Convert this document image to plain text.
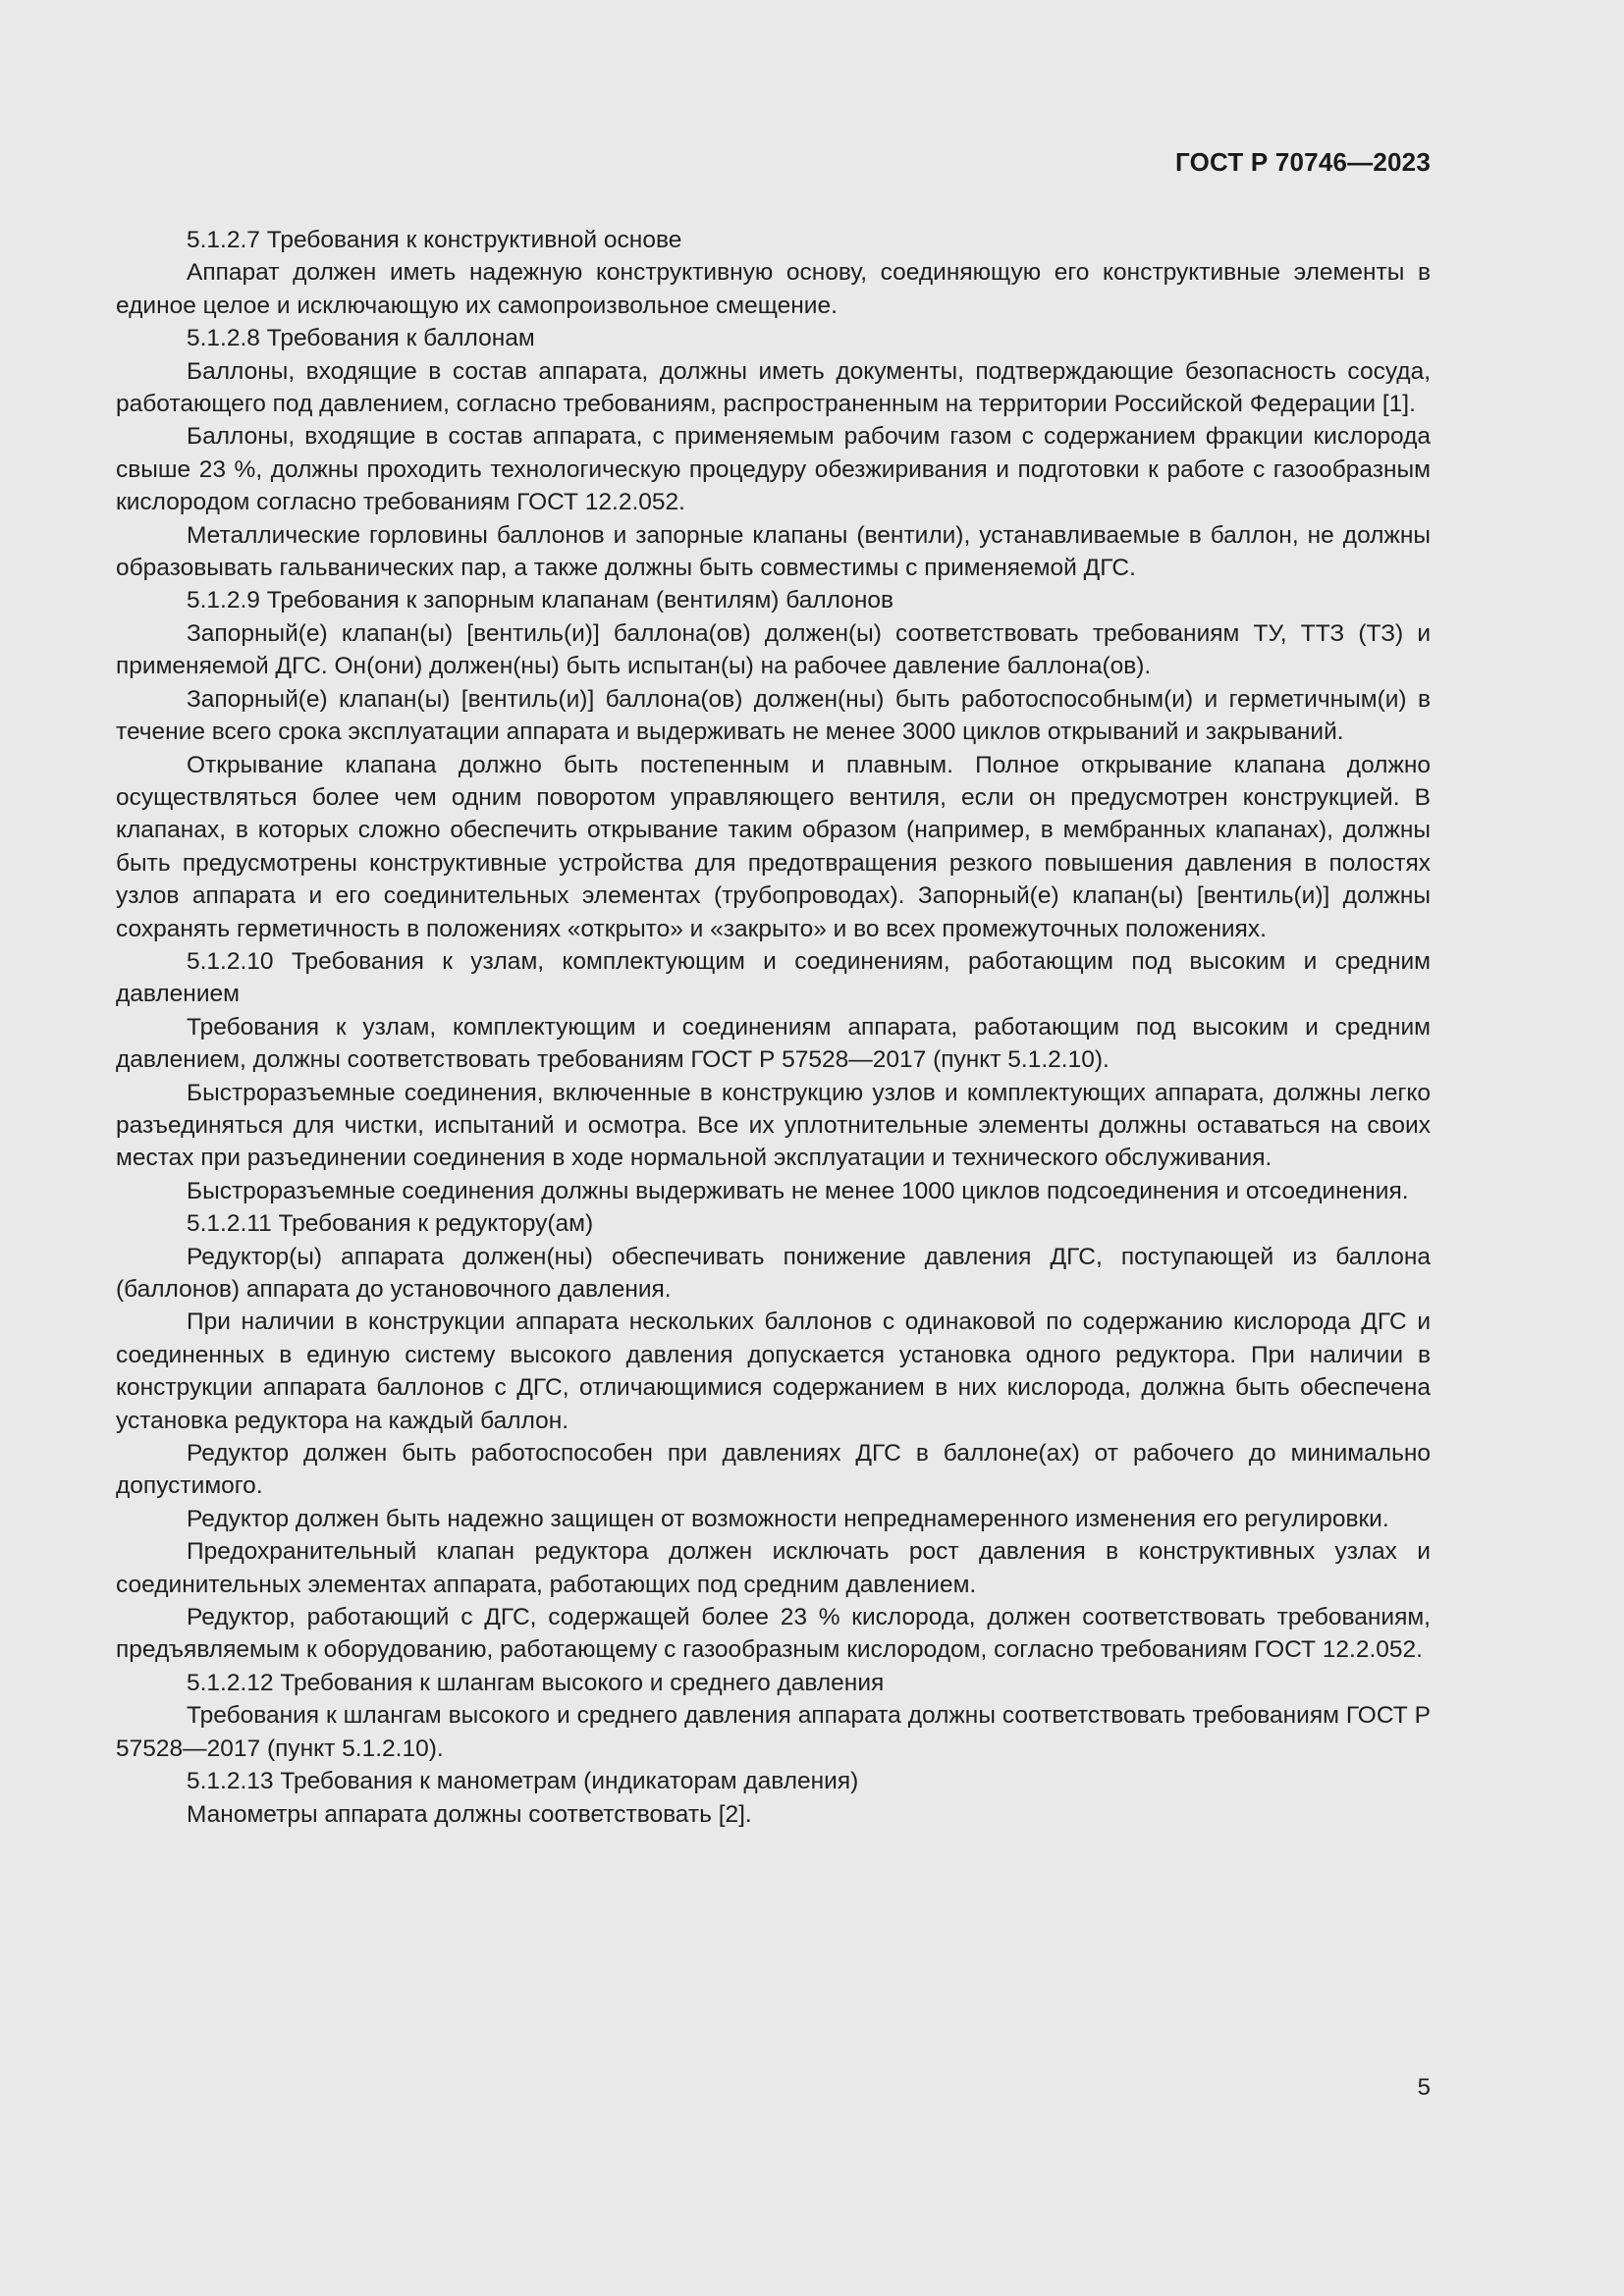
ГОСТ Р 70746—2023

5.1.2.7 Требования к конструктивной основе

Аппарат должен иметь надежную конструктивную основу, соединяющую его конструктивные элементы в единое целое и исключающую их самопроизвольное смещение.

5.1.2.8 Требования к баллонам

Баллоны, входящие в состав аппарата, должны иметь документы, подтверждающие безопасность сосуда, работающего под давлением, согласно требованиям, распространенным на территории Российской Федерации [1].

Баллоны, входящие в состав аппарата, с применяемым рабочим газом с содержанием фракции кислорода свыше 23 %, должны проходить технологическую процедуру обезжиривания и подготовки к работе с газообразным кислородом согласно требованиям ГОСТ 12.2.052.

Металлические горловины баллонов и запорные клапаны (вентили), устанавливаемые в баллон, не должны образовывать гальванических пар, а также должны быть совместимы с применяемой ДГС.

5.1.2.9 Требования к запорным клапанам (вентилям) баллонов

Запорный(е) клапан(ы) [вентиль(и)] баллона(ов) должен(ы) соответствовать требованиям ТУ, ТТЗ (ТЗ) и применяемой ДГС. Он(они) должен(ны) быть испытан(ы) на рабочее давление баллона(ов).

Запорный(е) клапан(ы) [вентиль(и)] баллона(ов) должен(ны) быть работоспособным(и) и герметичным(и) в течение всего срока эксплуатации аппарата и выдерживать не менее 3000 циклов открываний и закрываний.

Открывание клапана должно быть постепенным и плавным. Полное открывание клапана должно осуществляться более чем одним поворотом управляющего вентиля, если он предусмотрен конструкцией. В клапанах, в которых сложно обеспечить открывание таким образом (например, в мембранных клапанах), должны быть предусмотрены конструктивные устройства для предотвращения резкого повышения давления в полостях узлов аппарата и его соединительных элементах (трубопроводах). Запорный(е) клапан(ы) [вентиль(и)] должны сохранять герметичность в положениях «открыто» и «закрыто» и во всех промежуточных положениях.

5.1.2.10 Требования к узлам, комплектующим и соединениям, работающим под высоким и средним давлением

Требования к узлам, комплектующим и соединениям аппарата, работающим под высоким и средним давлением, должны соответствовать требованиям ГОСТ Р 57528—2017 (пункт 5.1.2.10).

Быстроразъемные соединения, включенные в конструкцию узлов и комплектующих аппарата, должны легко разъединяться для чистки, испытаний и осмотра. Все их уплотнительные элементы должны оставаться на своих местах при разъединении соединения в ходе нормальной эксплуатации и технического обслуживания.

Быстроразъемные соединения должны выдерживать не менее 1000 циклов подсоединения и отсоединения.

5.1.2.11 Требования к редуктору(ам)

Редуктор(ы) аппарата должен(ны) обеспечивать понижение давления ДГС, поступающей из баллона (баллонов) аппарата до установочного давления.

При наличии в конструкции аппарата нескольких баллонов с одинаковой по содержанию кислорода ДГС и соединенных в единую систему высокого давления допускается установка одного редуктора. При наличии в конструкции аппарата баллонов с ДГС, отличающимися содержанием в них кислорода, должна быть обеспечена установка редуктора на каждый баллон.

Редуктор должен быть работоспособен при давлениях ДГС в баллоне(ах) от рабочего до минимально допустимого.

Редуктор должен быть надежно защищен от возможности непреднамеренного изменения его регулировки.

Предохранительный клапан редуктора должен исключать рост давления в конструктивных узлах и соединительных элементах аппарата, работающих под средним давлением.

Редуктор, работающий с ДГС, содержащей более 23 % кислорода, должен соответствовать требованиям, предъявляемым к оборудованию, работающему с газообразным кислородом, согласно требованиям ГОСТ 12.2.052.

5.1.2.12 Требования к шлангам высокого и среднего давления

Требования к шлангам высокого и среднего давления аппарата должны соответствовать требованиям ГОСТ Р 57528—2017 (пункт 5.1.2.10).

5.1.2.13 Требования к манометрам (индикаторам давления)

Манометры аппарата должны соответствовать [2].

5
